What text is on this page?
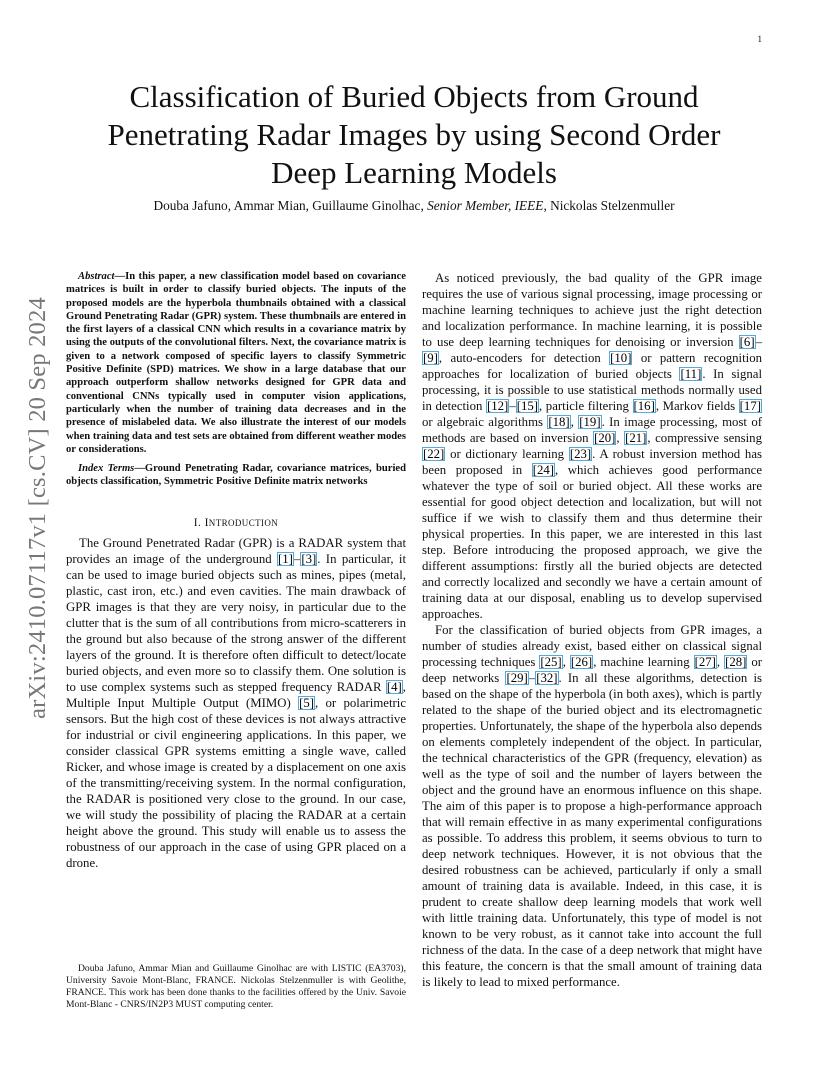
1
arXiv:2410.07117v1 [cs.CV] 20 Sep 2024
Classification of Buried Objects from Ground
Penetrating Radar Images by using Second Order
Deep Learning Models
Douba Jafuno, Ammar Mian, Guillaume Ginolhac, Senior Member, IEEE, Nickolas Stelzenmuller

Abstract—In this paper, a new classification model based on covariance matrices is built in order to classify buried objects. The inputs of the proposed models are the hyperbola thumbnails obtained with a classical Ground Penetrating Radar (GPR) system. These thumbnails are entered in the first layers of a classical CNN which results in a covariance matrix by using the outputs of the convolutional filters. Next, the covariance matrix is given to a network composed of specific layers to classify Symmetric Positive Definite (SPD) matrices. We show in a large database that our approach outperform shallow networks designed for GPR data and conventional CNNs typically used in computer vision applications, particularly when the number of training data decreases and in the presence of mislabeled data. We also illustrate the interest of our models when training data and test sets are obtained from different weather modes or considerations.

Index Terms—Ground Penetrating Radar, covariance matrices, buried objects classification, Symmetric Positive Definite matrix networks

I. INTRODUCTION

The Ground Penetrated Radar (GPR) is a RADAR system that provides an image of the underground [1]–[3]. In particular, it can be used to image buried objects such as mines, pipes (metal, plastic, cast iron, etc.) and even cavities. The main drawback of GPR images is that they are very noisy, in particular due to the clutter that is the sum of all contributions from micro-scatterers in the ground but also because of the strong answer of the different layers of the ground. It is therefore often difficult to detect/locate buried objects, and even more so to classify them. One solution is to use complex systems such as stepped frequency RADAR [4], Multiple Input Multiple Output (MIMO) [5], or polarimetric sensors. But the high cost of these devices is not always attractive for industrial or civil engineering applications. In this paper, we consider classical GPR systems emitting a single wave, called Ricker, and whose image is created by a displacement on one axis of the transmitting/receiving system. In the normal configuration, the RADAR is positioned very close to the ground. In our case, we will study the possibility of placing the RADAR at a certain height above the ground. This study will enable us to assess the robustness of our approach in the case of using GPR placed on a drone.

Douba Jafuno, Ammar Mian and Guillaume Ginolhac are with LISTIC (EA3703), University Savoie Mont-Blanc, FRANCE. Nickolas Stelzenmuller is with Geolithe, FRANCE. This work has been done thanks to the facilities offered by the Univ. Savoie Mont-Blanc - CNRS/IN2P3 MUST computing center.

As noticed previously, the bad quality of the GPR image requires the use of various signal processing, image processing or machine learning techniques to achieve just the right detection and localization performance. In machine learning, it is possible to use deep learning techniques for denoising or inversion [6]–[9], auto-encoders for detection [10] or pattern recognition approaches for localization of buried objects [11]. In signal processing, it is possible to use statistical methods normally used in detection [12]–[15], particle filtering [16], Markov fields [17] or algebraic algorithms [18], [19]. In image processing, most of methods are based on inversion [20], [21], compressive sensing [22] or dictionary learning [23]. A robust inversion method has been proposed in [24], which achieves good performance whatever the type of soil or buried object. All these works are essential for good object detection and localization, but will not suffice if we wish to classify them and thus determine their physical properties. In this paper, we are interested in this last step. Before introducing the proposed approach, we give the different assumptions: firstly all the buried objects are detected and correctly localized and secondly we have a certain amount of training data at our disposal, enabling us to develop supervised approaches.

For the classification of buried objects from GPR images, a number of studies already exist, based either on classical signal processing techniques [25], [26], machine learning [27], [28] or deep networks [29]–[32]. In all these algorithms, detection is based on the shape of the hyperbola (in both axes), which is partly related to the shape of the buried object and its electromagnetic properties. Unfortunately, the shape of the hyperbola also depends on elements completely independent of the object. In particular, the technical characteristics of the GPR (frequency, elevation) as well as the type of soil and the number of layers between the object and the ground have an enormous influence on this shape. The aim of this paper is to propose a high-performance approach that will remain effective in as many experimental configurations as possible. To address this problem, it seems obvious to turn to deep network techniques. However, it is not obvious that the desired robustness can be achieved, particularly if only a small amount of training data is available. Indeed, in this case, it is prudent to create shallow deep learning models that work well with little training data. Unfortunately, this type of model is not known to be very robust, as it cannot take into account the full richness of the data. In the case of a deep network that might have this feature, the concern is that the small amount of training data is likely to lead to mixed performance.
